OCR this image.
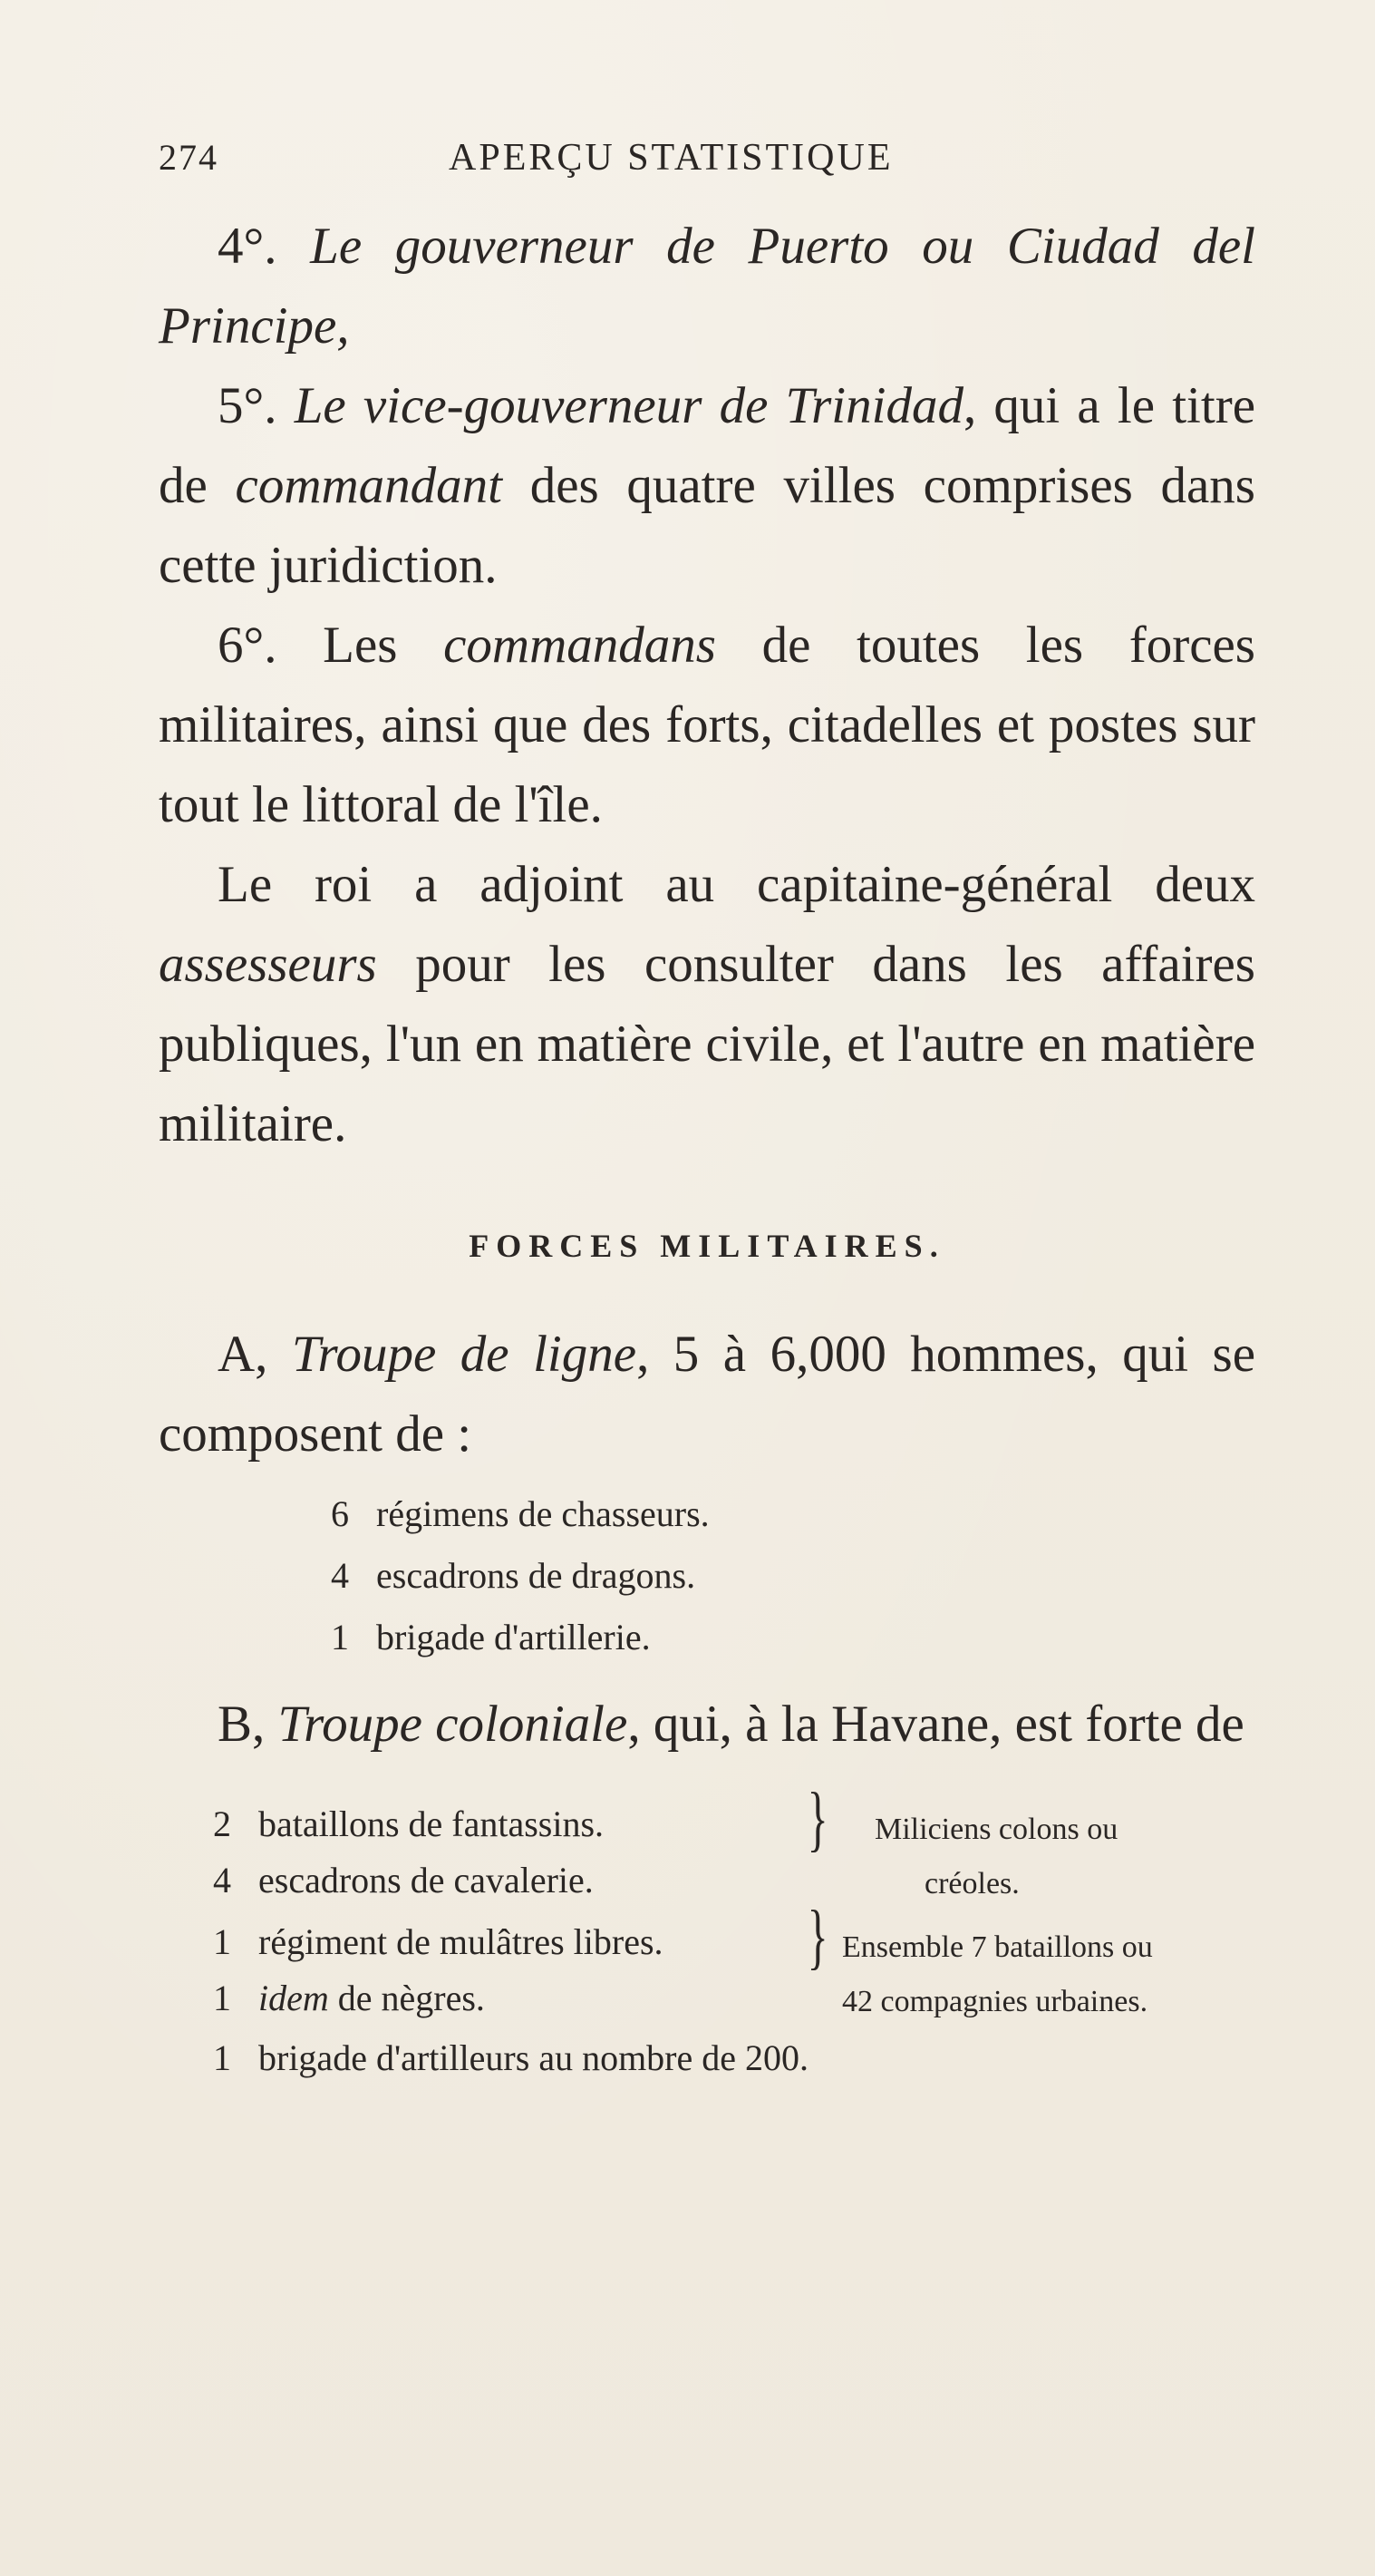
274	APERÇU STATISTIQUE

4°. Le gouverneur de Puerto ou Ciudad del Principe,

5°. Le vice-gouverneur de Trinidad, qui a le titre de commandant des quatre villes comprises dans cette juridiction.

6°. Les commandans de toutes les forces militaires, ainsi que des forts, citadelles et postes sur tout le littoral de l'île.

Le roi a adjoint au capitaine-général deux assesseurs pour les consulter dans les affaires publiques, l'un en matière civile, et l'autre en matière militaire.

FORCES MILITAIRES.

A, Troupe de ligne, 5 à 6,000 hommes, qui se composent de :

6 régimens de chasseurs.
4 escadrons de dragons.
1 brigade d'artillerie.

B, Troupe coloniale, qui, à la Havane, est forte de

2 bataillons de fantassins.
4 escadrons de cavalerie.
1 régiment de mulâtres libres.
1 idem de nègres.
1 brigade d'artilleurs au nombre de 200.
} Miliciens colons ou
créoles.
} Ensemble 7 bataillons ou
42 compagnies urbaines.
